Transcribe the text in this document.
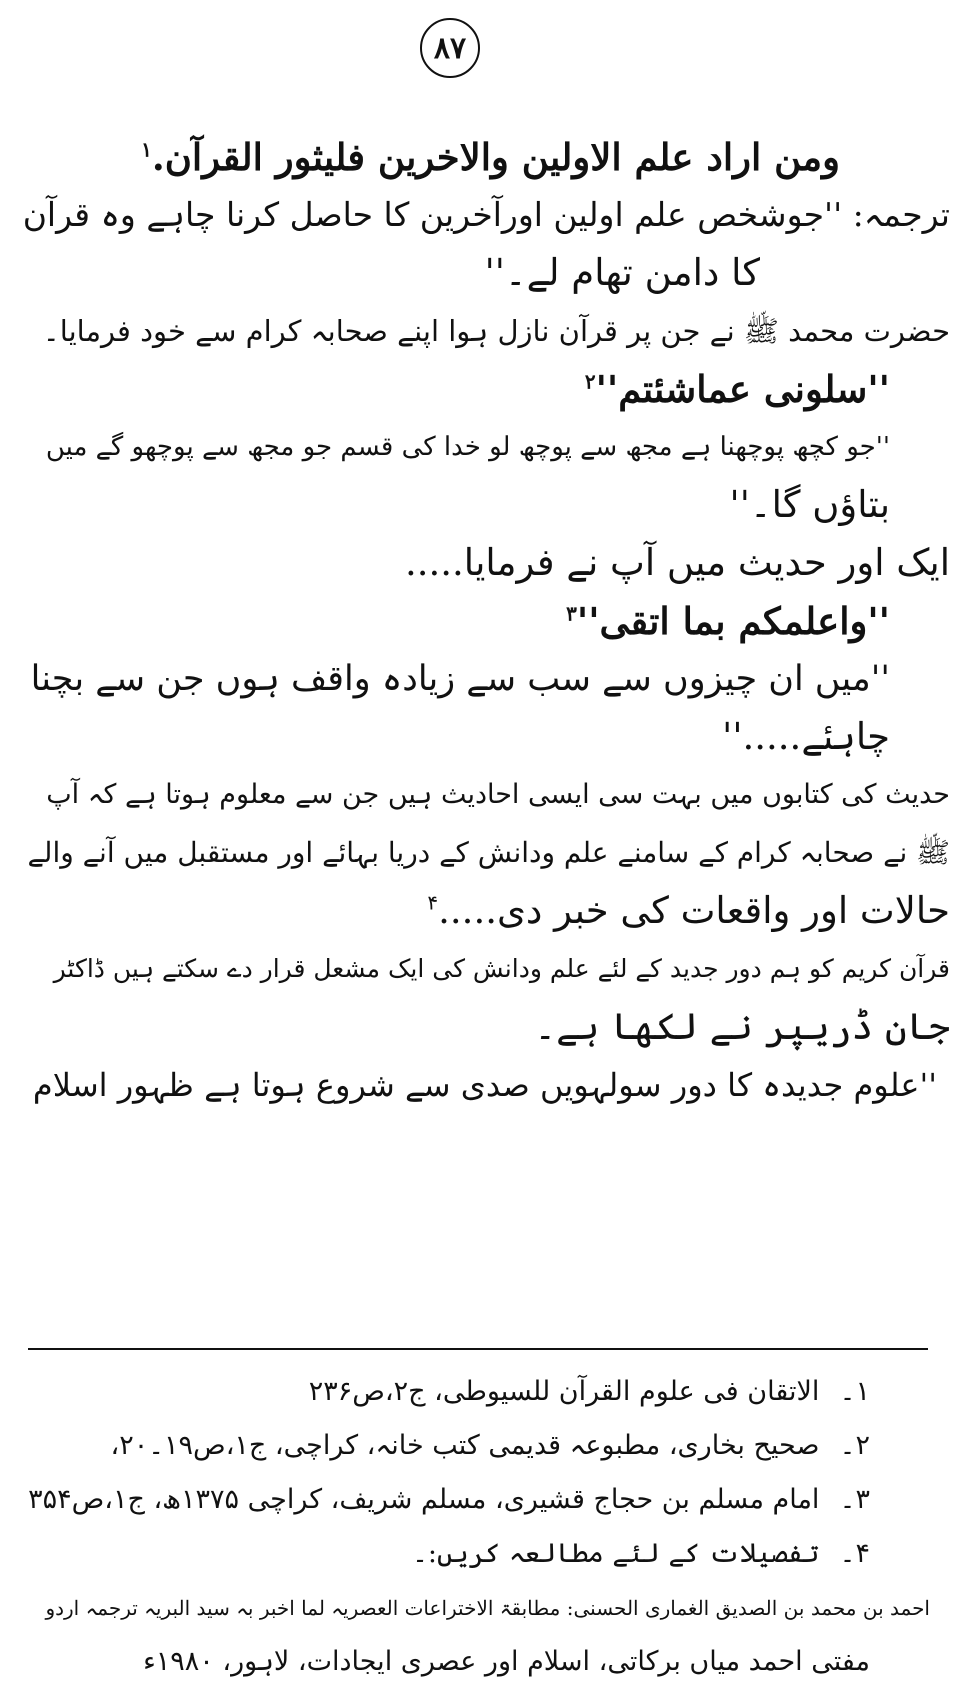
۸۷
ومن اراد علم الاولین والاخرین فلیثور القرآن.$^۱$
ترجمہ: ''جوشخص علم اولین اورآخرین کا حاصل کرنا چاہے وہ قرآن
کا دامن تھام لے۔''
حضرت محمد ﷺ نے جن پر قرآن نازل ہوا اپنے صحابہ کرام سے خود فرمایا۔
''سلونی $عماشئتم''^۲$
''جو کچھ پوچھنا ہے مجھ سے پوچھ لو خدا کی قسم جو مجھ سے پوچھو گے میں
بتاؤں گا۔''
ایک اور حدیث میں آپ نے فرمایا.....
''واعلمکم بما $اتقی''^۳$
''میں ان چیزوں سے سب سے زیادہ واقف ہوں جن سے بچنا
چاہئے.....''
حدیث کی کتابوں میں بہت سی ایسی احادیث ہیں جن سے معلوم ہوتا ہے کہ آپ
ﷺ نے صحابہ کرام کے سامنے علم ودانش کے دریا بہائے اور مستقبل میں آنے والے
حالات اور واقعات کی خبر دی.....$^۴$
قرآن کریم کو ہم دور جدید کے لئے علم ودانش کی ایک مشعل قرار دے سکتے ہیں ڈاکٹر
جان ڈریپر نے لکھا ہے۔
''علوم جدیدہ کا دور سولہویں صدی سے شروع ہوتا ہے ظہور اسلام
۱۔ الاتقان فی علوم القرآن للسیوطی، ج۲،ص۲۳۶
۲۔ صحیح بخاری، مطبوعہ قدیمی کتب خانہ، کراچی، ج۱،ص۱۹۔۲۰،
۳۔ امام مسلم بن حجاج قشیری، مسلم شریف، کراچی ۱۳۷۵ھ، ج۱،ص۳۵۴
۴۔ تفصیلات کے لئے مطالعہ کریں:۔
احمد بن محمد بن الصدیق الغماری الحسنی: مطابقۃ الاختراعات العصریہ لما اخبر بہ سید البریہ ترجمہ اردو
مفتی احمد میاں برکاتی، اسلام اور عصری ایجادات، لاہور، ۱۹۸۰ء
